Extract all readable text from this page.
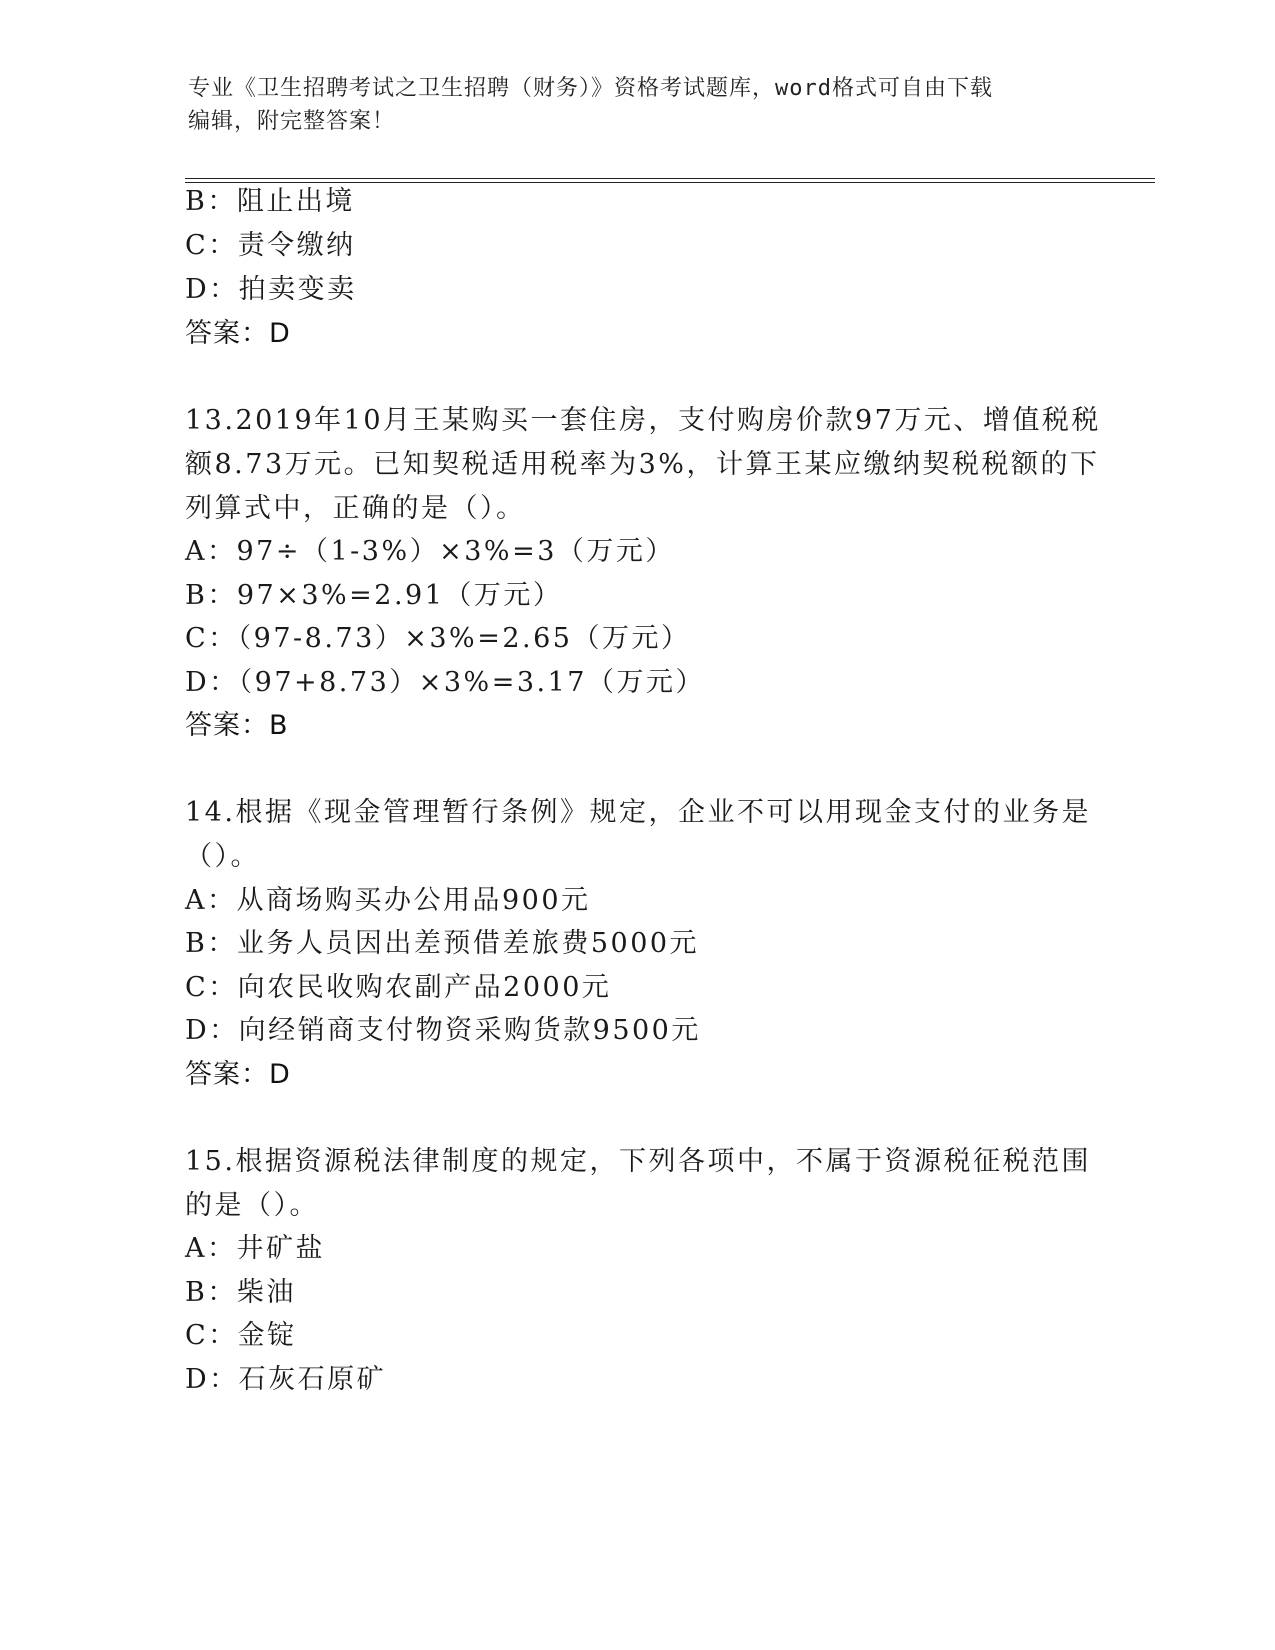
专业《卫生招聘考试之卫生招聘（财务）》资格考试题库，word格式可自由下载
编辑，附完整答案！
B：阻止出境
C：责令缴纳
D：拍卖变卖
答案：D
13.2019年10月王某购买一套住房，支付购房价款97万元、增值税税
额8.73万元。已知契税适用税率为3%，计算王某应缴纳契税税额的下
列算式中，正确的是（）。
A：97÷（1-3%）×3%=3（万元）
B：97×3%=2.91（万元）
C：（97-8.73）×3%=2.65（万元）
D：（97+8.73）×3%=3.17（万元）
答案：B
14.根据《现金管理暂行条例》规定，企业不可以用现金支付的业务是
（）。
A：从商场购买办公用品900元
B：业务人员因出差预借差旅费5000元
C：向农民收购农副产品2000元
D：向经销商支付物资采购货款9500元
答案：D
15.根据资源税法律制度的规定，下列各项中，不属于资源税征税范围
的是（）。
A：井矿盐
B：柴油
C：金锭
D：石灰石原矿
